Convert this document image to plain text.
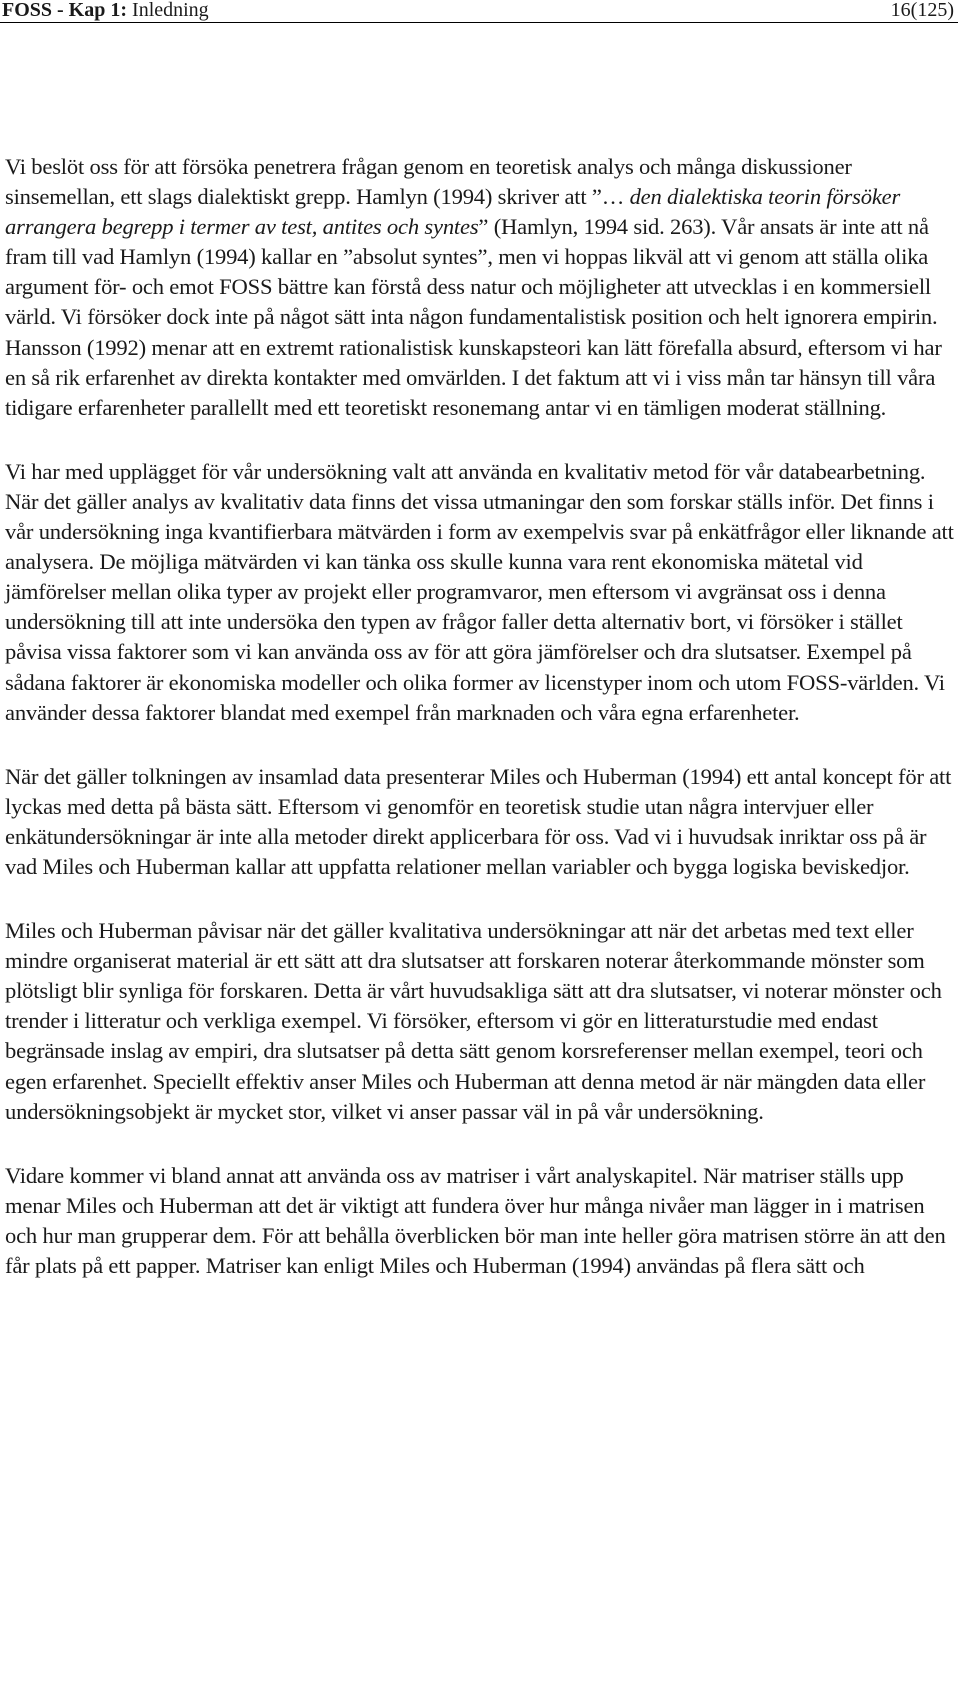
FOSS - Kap 1: Inledning	16(125)

Vi beslöt oss för att försöka penetrera frågan genom en teoretisk analys och många diskussioner sinsemellan, ett slags dialektiskt grepp. Hamlyn (1994) skriver att ”… den dialektiska teorin försöker arrangera begrepp i termer av test, antites och syntes” (Hamlyn, 1994 sid. 263). Vår ansats är inte att nå fram till vad Hamlyn (1994) kallar en ”absolut syntes”, men vi hoppas likväl att vi genom att ställa olika argument för- och emot FOSS bättre kan förstå dess natur och möjligheter att utvecklas i en kommersiell värld. Vi försöker dock inte på något sätt inta någon fundamentalistisk position och helt ignorera empirin. Hansson (1992) menar att en extremt rationalistisk kunskapsteori kan lätt förefalla absurd, eftersom vi har en så rik erfarenhet av direkta kontakter med omvärlden. I det faktum att vi i viss mån tar hänsyn till våra tidigare erfarenheter parallellt med ett teoretiskt resonemang antar vi en tämligen moderat ställning.

Vi har med upplägget för vår undersökning valt att använda en kvalitativ metod för vår databearbetning. När det gäller analys av kvalitativ data finns det vissa utmaningar den som forskar ställs inför. Det finns i vår undersökning inga kvantifierbara mätvärden i form av exempelvis svar på enkätfrågor eller liknande att analysera. De möjliga mätvärden vi kan tänka oss skulle kunna vara rent ekonomiska mätetal vid jämförelser mellan olika typer av projekt eller programvaror, men eftersom vi avgränsat oss i denna undersökning till att inte undersöka den typen av frågor faller detta alternativ bort, vi försöker i stället påvisa vissa faktorer som vi kan använda oss av för att göra jämförelser och dra slutsatser. Exempel på sådana faktorer är ekonomiska modeller och olika former av licenstyper inom och utom FOSS-världen. Vi använder dessa faktorer blandat med exempel från marknaden och våra egna erfarenheter.

När det gäller tolkningen av insamlad data presenterar Miles och Huberman (1994) ett antal koncept för att lyckas med detta på bästa sätt. Eftersom vi genomför en teoretisk studie utan några intervjuer eller enkätundersökningar är inte alla metoder direkt applicerbara för oss. Vad vi i huvudsak inriktar oss på är vad Miles och Huberman kallar att uppfatta relationer mellan variabler och bygga logiska beviskedjor.

Miles och Huberman påvisar när det gäller kvalitativa undersökningar att när det arbetas med text eller mindre organiserat material är ett sätt att dra slutsatser att forskaren noterar återkommande mönster som plötsligt blir synliga för forskaren. Detta är vårt huvudsakliga sätt att dra slutsatser, vi noterar mönster och trender i litteratur och verkliga exempel. Vi försöker, eftersom vi gör en litteraturstudie med endast begränsade inslag av empiri, dra slutsatser på detta sätt genom korsreferenser mellan exempel, teori och egen erfarenhet. Speciellt effektiv anser Miles och Huberman att denna metod är när mängden data eller undersökningsobjekt är mycket stor, vilket vi anser passar väl in på vår undersökning.

Vidare kommer vi bland annat att använda oss av matriser i vårt analyskapitel. När matriser ställs upp menar Miles och Huberman att det är viktigt att fundera över hur många nivåer man lägger in i matrisen och hur man grupperar dem. För att behålla överblicken bör man inte heller göra matrisen större än att den får plats på ett papper. Matriser kan enligt Miles och Huberman (1994) användas på flera sätt och
